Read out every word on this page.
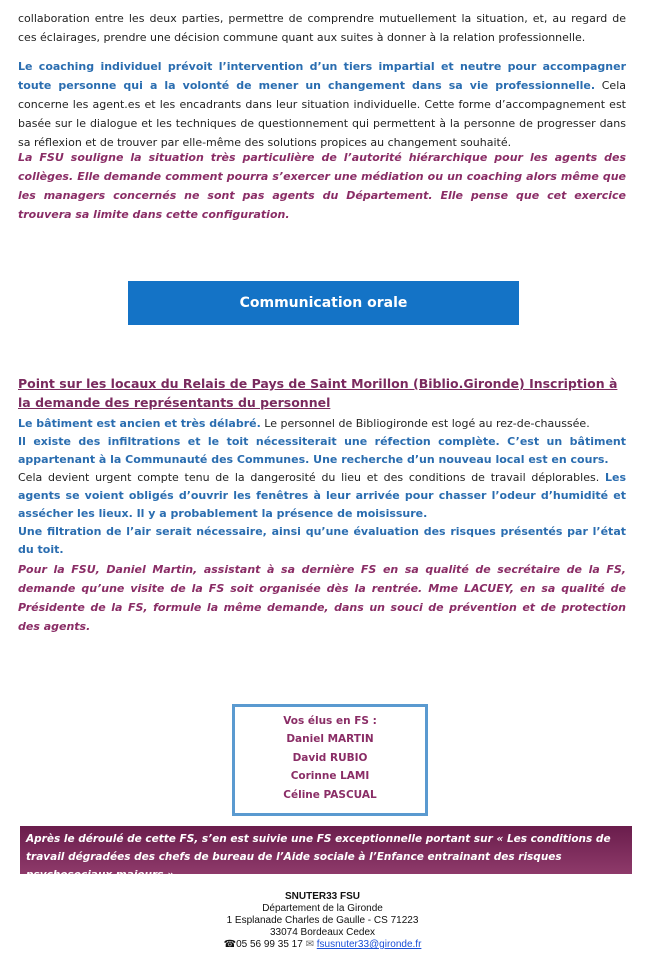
collaboration entre les deux parties, permettre de comprendre mutuellement la situation, et, au regard de ces éclairages, prendre une décision commune quant aux suites à donner à la relation professionnelle.
Le coaching individuel prévoit l’intervention d’un tiers impartial et neutre pour accompagner toute personne qui a la volonté de mener un changement dans sa vie professionnelle. Cela concerne les agent.es et les encadrants dans leur situation individuelle. Cette forme d’accompagnement est basée sur le dialogue et les techniques de questionnement qui permettent à la personne de progresser dans sa réflexion et de trouver par elle-même des solutions propices au changement souhaité.
La FSU souligne la situation très particulière de l’autorité hiérarchique pour les agents des collèges. Elle demande comment pourra s’exercer une médiation ou un coaching alors même que les managers concernés ne sont pas agents du Département. Elle pense que cet exercice trouvera sa limite dans cette configuration.
Communication orale
Point sur les locaux du Relais de Pays de Saint Morillon (Biblio.Gironde) Inscription à la demande des représentants du personnel
Le bâtiment est ancien et très délabré. Le personnel de Bibliogironde est logé au rez-de-chaussée.
Il existe des infiltrations et le toit nécessiterait une réfection complète. C’est un bâtiment appartenant à la Communauté des Communes. Une recherche d’un nouveau local est en cours.
Cela devient urgent compte tenu de la dangerosité du lieu et des conditions de travail déplorables. Les agents se voient obligés d’ouvrir les fenêtres à leur arrivée pour chasser l’odeur d’humidité et assécher les lieux. Il y a probablement la présence de moisissure.
Une filtration de l’air serait nécessaire, ainsi qu’une évaluation des risques présentés par l’état du toit.
Pour la FSU, Daniel Martin, assistant à sa dernière FS en sa qualité de secrétaire de la FS, demande qu’une visite de la FS soit organisée dès la rentrée. Mme LACUEY, en sa qualité de Présidente de la FS, formule la même demande, dans un souci de prévention et de protection des agents.
Vos élus en FS :
Daniel MARTIN
David RUBIO
Corinne LAMI
Céline PASCUAL
Après le déroulé de cette FS, s’en est suivie une FS exceptionnelle portant sur « Les conditions de travail dégradées des chefs de bureau de l’Aide sociale à l’Enfance entrainant des risques psychosociaux majeurs »
SNUTER33 FSU
Département de la Gironde
1 Esplanade Charles de Gaulle - CS 71223
33074 Bordeaux Cedex
☎05 56 99 35 17 ✉ fsusnuter33@gironde.fr
